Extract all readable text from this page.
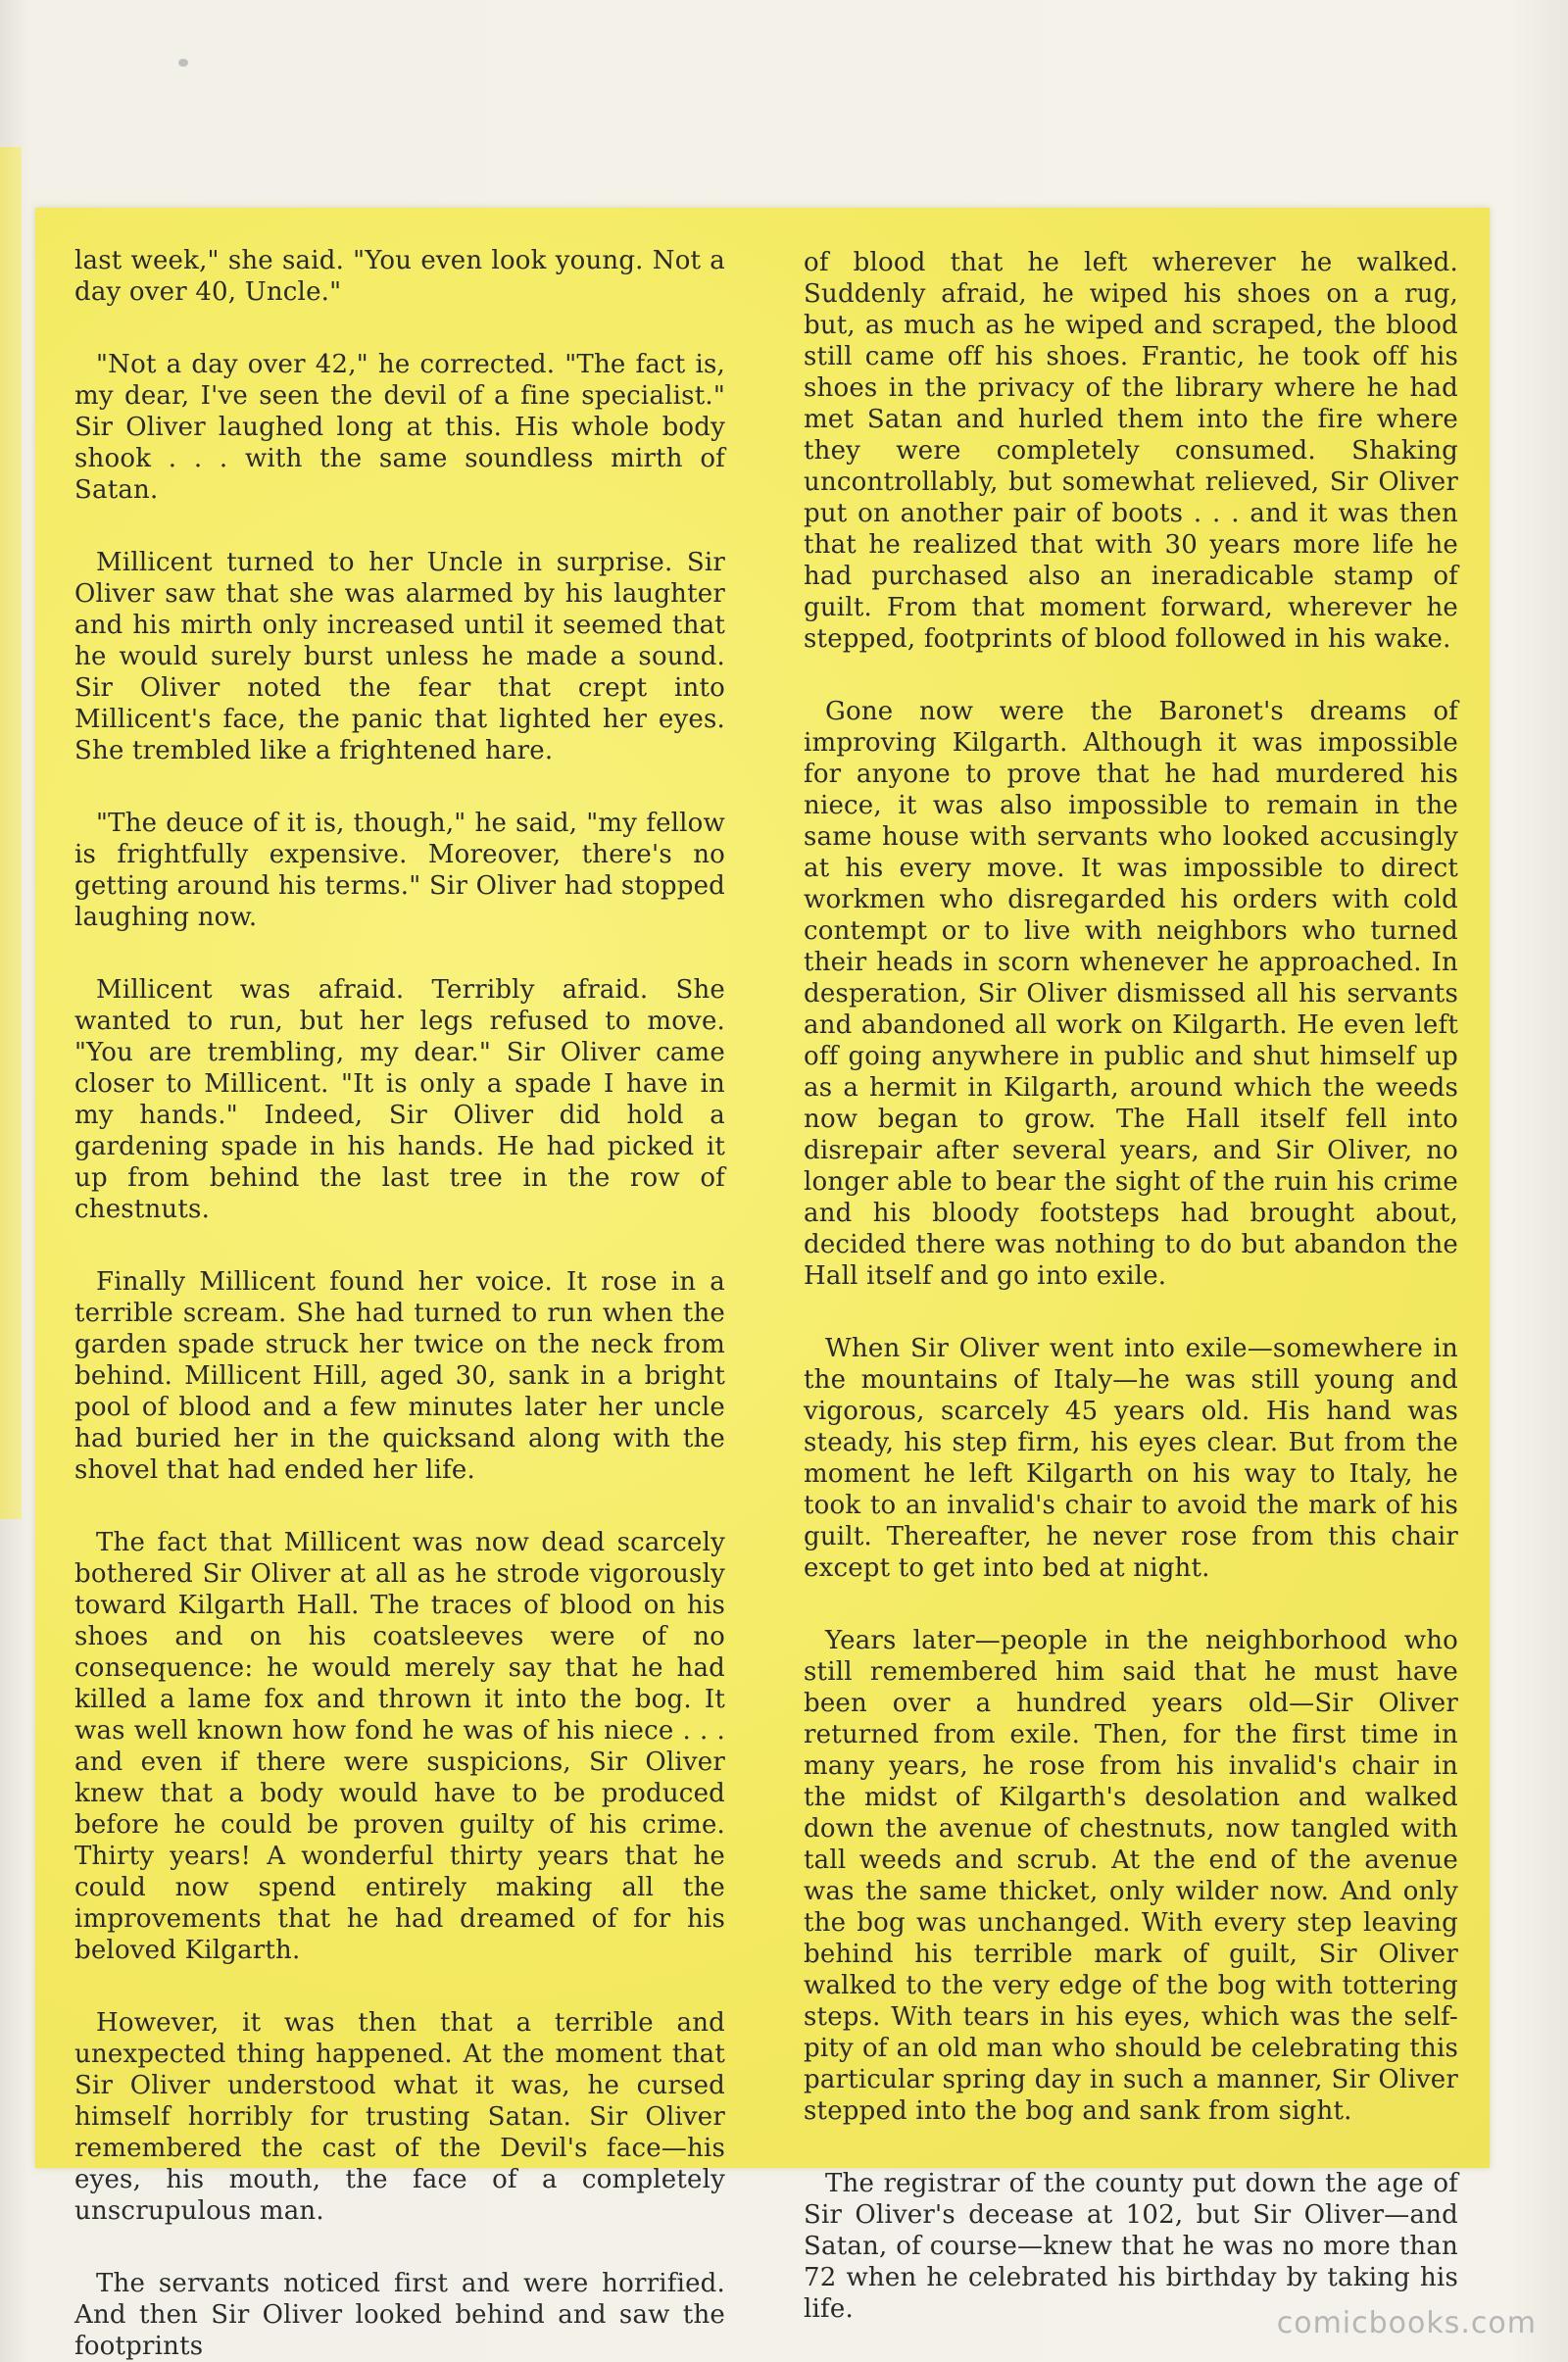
last week," she said. "You even look young. Not a day over 40, Uncle."

"Not a day over 42," he corrected. "The fact is, my dear, I've seen the devil of a fine specialist." Sir Oliver laughed long at this. His whole body shook . . . with the same soundless mirth of Satan.

Millicent turned to her Uncle in surprise. Sir Oliver saw that she was alarmed by his laughter and his mirth only increased until it seemed that he would surely burst unless he made a sound. Sir Oliver noted the fear that crept into Millicent's face, the panic that lighted her eyes. She trembled like a frightened hare.

"The deuce of it is, though," he said, "my fellow is frightfully expensive. Moreover, there's no getting around his terms." Sir Oliver had stopped laughing now.

Millicent was afraid. Terribly afraid. She wanted to run, but her legs refused to move. "You are trembling, my dear." Sir Oliver came closer to Millicent. "It is only a spade I have in my hands." Indeed, Sir Oliver did hold a gardening spade in his hands. He had picked it up from behind the last tree in the row of chestnuts.

Finally Millicent found her voice. It rose in a terrible scream. She had turned to run when the garden spade struck her twice on the neck from behind. Millicent Hill, aged 30, sank in a bright pool of blood and a few minutes later her uncle had buried her in the quicksand along with the shovel that had ended her life.

The fact that Millicent was now dead scarcely bothered Sir Oliver at all as he strode vigorously toward Kilgarth Hall. The traces of blood on his shoes and on his coatsleeves were of no consequence: he would merely say that he had killed a lame fox and thrown it into the bog. It was well known how fond he was of his niece . . . and even if there were suspicions, Sir Oliver knew that a body would have to be produced before he could be proven guilty of his crime. Thirty years! A wonderful thirty years that he could now spend entirely making all the improvements that he had dreamed of for his beloved Kilgarth.

However, it was then that a terrible and unexpected thing happened. At the moment that Sir Oliver understood what it was, he cursed himself horribly for trusting Satan. Sir Oliver remembered the cast of the Devil's face—his eyes, his mouth, the face of a completely unscrupulous man.

The servants noticed first and were horrified. And then Sir Oliver looked behind and saw the footprints

of blood that he left wherever he walked. Suddenly afraid, he wiped his shoes on a rug, but, as much as he wiped and scraped, the blood still came off his shoes. Frantic, he took off his shoes in the privacy of the library where he had met Satan and hurled them into the fire where they were completely consumed. Shaking uncontrollably, but somewhat relieved, Sir Oliver put on another pair of boots . . . and it was then that he realized that with 30 years more life he had purchased also an ineradicable stamp of guilt. From that moment forward, wherever he stepped, footprints of blood followed in his wake.

Gone now were the Baronet's dreams of improving Kilgarth. Although it was impossible for anyone to prove that he had murdered his niece, it was also impossible to remain in the same house with servants who looked accusingly at his every move. It was impossible to direct workmen who disregarded his orders with cold contempt or to live with neighbors who turned their heads in scorn whenever he approached. In desperation, Sir Oliver dismissed all his servants and abandoned all work on Kilgarth. He even left off going anywhere in public and shut himself up as a hermit in Kilgarth, around which the weeds now began to grow. The Hall itself fell into disrepair after several years, and Sir Oliver, no longer able to bear the sight of the ruin his crime and his bloody footsteps had brought about, decided there was nothing to do but abandon the Hall itself and go into exile.

When Sir Oliver went into exile—somewhere in the mountains of Italy—he was still young and vigorous, scarcely 45 years old. His hand was steady, his step firm, his eyes clear. But from the moment he left Kilgarth on his way to Italy, he took to an invalid's chair to avoid the mark of his guilt. Thereafter, he never rose from this chair except to get into bed at night.

Years later—people in the neighborhood who still remembered him said that he must have been over a hundred years old—Sir Oliver returned from exile. Then, for the first time in many years, he rose from his invalid's chair in the midst of Kilgarth's desolation and walked down the avenue of chestnuts, now tangled with tall weeds and scrub. At the end of the avenue was the same thicket, only wilder now. And only the bog was unchanged. With every step leaving behind his terrible mark of guilt, Sir Oliver walked to the very edge of the bog with tottering steps. With tears in his eyes, which was the self-pity of an old man who should be celebrating this particular spring day in such a manner, Sir Oliver stepped into the bog and sank from sight.

The registrar of the county put down the age of Sir Oliver's decease at 102, but Sir Oliver—and Satan, of course—knew that he was no more than 72 when he celebrated his birthday by taking his life.	comicbooks.com
